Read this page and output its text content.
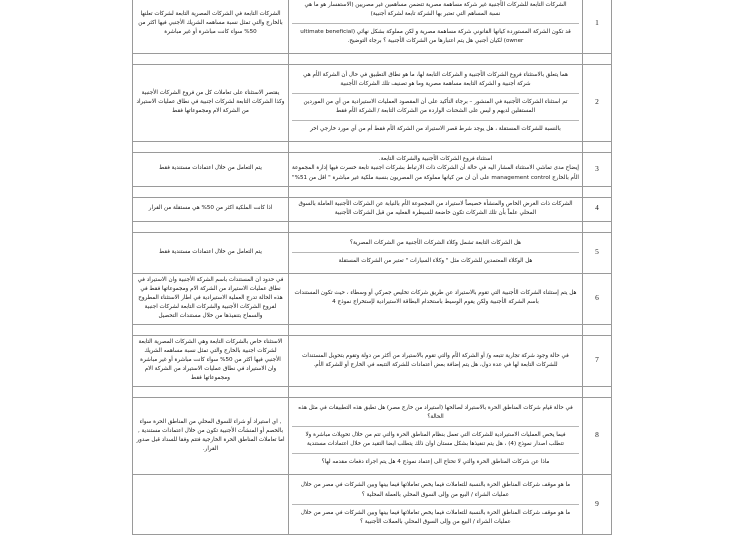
1	الشركات التابعة للشركات الأجنبية غير شركة مساهمة مصرية تتضمن مساهمين غير مصريين (الاستفسار هو ما هي نسبة المساهم التي تعتبر بها الشركة تابعة لشركة أجنبية)
قد تكون الشركة المستوردة كيانها القانوني شركة مساهمة مصرية و لكن مملوكة بشكل نهائي (ultimate beneficial owner) لكيان أجنبي هل يتم اعتبارها من الشركات الأجنبية ؟ برجاء التوضيح.	الشركات التابعة في الشركات المصرية التابعة لشركات تعلنها بالخارج والتي تمثل نسبة مساهمه الشريك الأجنبي فيها اكثر من 50% سواء كانت مباشرة أو غير مباشرة

2	هما يتعلق بالاستثناء فروع الشركات الأجنبية و الشركات التابعة لها، ما هو نطاق التطبيق في حال أن الشركة الأم هي شركة أجنبية و الشركة التابعة مساهمة مصرية وما هو تصنيف تلك الشركات الأجنبية
تم استثناء الشركات الأجنبية في المنشور – برجاء التأكيد على أن المقصود العمليات الاستيرادية من أي من الموردين المستقلين لديهم و ليس على الشحنات الواردة من الشركات التابعة / الشركة الأم فقط
بالنسبة للشركات المستقلة ، هل يوجد شرط قصر الاستيراد من الشركة الأم فقط أم من أي مورد خارجي اخر	يقتصر الاستثناء على تعاملات كل من فروع الشركات الأجنبية وكذا الشركات التابعة لشركات اجنبية في نطاق عمليات الاستيراد من الشركة الام ومجموعاتها فقط

3	استثناء فروع الشركات الأجنبية والشركات التابعة.
إيضاح مدى تماشي الاستثناء المشار اليه في حالة أن الشركات ذات الارتباط بشركات اجنبية تابعة خسرت فيها إدارة المجموعة الأم بالخارج management control على أن ان من كيانها مملوكة من المصريون بنسبة ملكية غير مباشرة " اقل من 51%"	يتم التعامل من خلال اعتمادات مستندية فقط

4	الشركات ذات الغرض الخاص والمنشأة خصيصاً لاستيراد من المجموعة الأم بالنيابة عن الشركات الأجنبية العاملة بالسوق المحلي علماً بأن تلك الشركات تكون خاضعة للسيطرة الفعليه من قبل الشركات الأجنبية	اذا كانت الملكية اكثر من 50% هي مستقلة من القرار

5	هل الشركات التابعة تشمل وكلاء الشركات الأجنبية من الشركات المصرية؟
هل الوكلاء المعتمدين للشركات مثل " وكلاء السيارات " تعتبر من الشركات المستقلة	يتم التعامل من خلال اعتمادات مستندية فقط
6	هل يتم إستثناء الشركات الأجنبية التي تقوم بالاستيراد عن طريق شركات تخليص جمركي أو وسطاء ، حيث تكون المستندات باسم الشركة الأجنبية ولكن يقوم الوسيط باستخدام البطاقة الاستيرادية لإستخراج نموذج 4	في حدود ان المستندات باسم الشركة الأجنبية وان الاستيراد في نطاق عمليات الاستيراد من الشركة الام ومجموعاتها فقط في هذه الحالة تدرج العملية الاستيرادية في اطار الاستثناء المطروح لفروع الشركات الأجنبية والشركات التابعة لشركات اجنبية والسماح بتنفيذها من خلال مستندات التحصيل

7	في حالة وجود شركة تجارية تتبعه و/ أو الشركة الأم والتي تقوم بالاستيراد من أكثر من دولة وتقوم بتحويل المستندات للشركات التابعة لها في عدة دول، هل يتم إضافة بعض أعتمادات للشركة التتبعه في الخارج أو للشركة الأم.	الاستثناء خاص بالشركات التابعة وهي الشركات المصرية التابعة لشركات اجنبية بالخارج والتي تمثل نسبة مساهمه الشريك الأجنبي فيها اكثر من 50% سواء كانت مباشرة أو غير مباشرة وان الاستيراد في نطاق عمليات الاستيراد من الشركة الام ومجموعاتها فقط

8	في حالة قيام شركات المناطق الحرة بالاستيراد لصالحها (استيراد من خارج مصر) هل تطبق هذه التطبيقات في مثل هذه الحالة؟
فيما يخص العمليات الاستيرادية للشركات التي تعمل بنظام المناطق الحرة والتي تتم من خلال تحويلات مباشرة ولا تتطلب اصدار نموذج (4) ، هل يتم تنفيذها بشكل مستان اوان ذلك يتطلب ايضا التقيد من خلال اعتمادات مستندية
ماذا عن شركات المناطق الحرة والتي لا تحتاج الى إعتماد نموذج 4 هل يتم اجراء دفعات مقدمه لها؟	, اي استيراد أو شراء للسوق المحلي من المناطق الحرة سواء بالخصم أو المنشآت الأجنبية تكون من خلال اعتمادات مستندية , اما تعاملات المناطق الحرة الخارجية فتتم وفقا للسداد قبل صدور القرار.
9	ما هو موقف شركات المناطق الحرة بالنسبة للتعاملات فيما يخص تعاملاتها فيما بينها وبين الشركات في مصر من خلال عمليات الشراء / البيع من وإلى السوق المحلي بالعملة المحلية ؟
ما هو موقف شركات المناطق الحرة بالنسبة للتعاملات فيما يخص تعاملاتها فيما بينها وبين الشركات في مصر من خلال عمليات الشراء / البيع من وإلى السوق المحلي بالعملات الأجنبية ؟	
